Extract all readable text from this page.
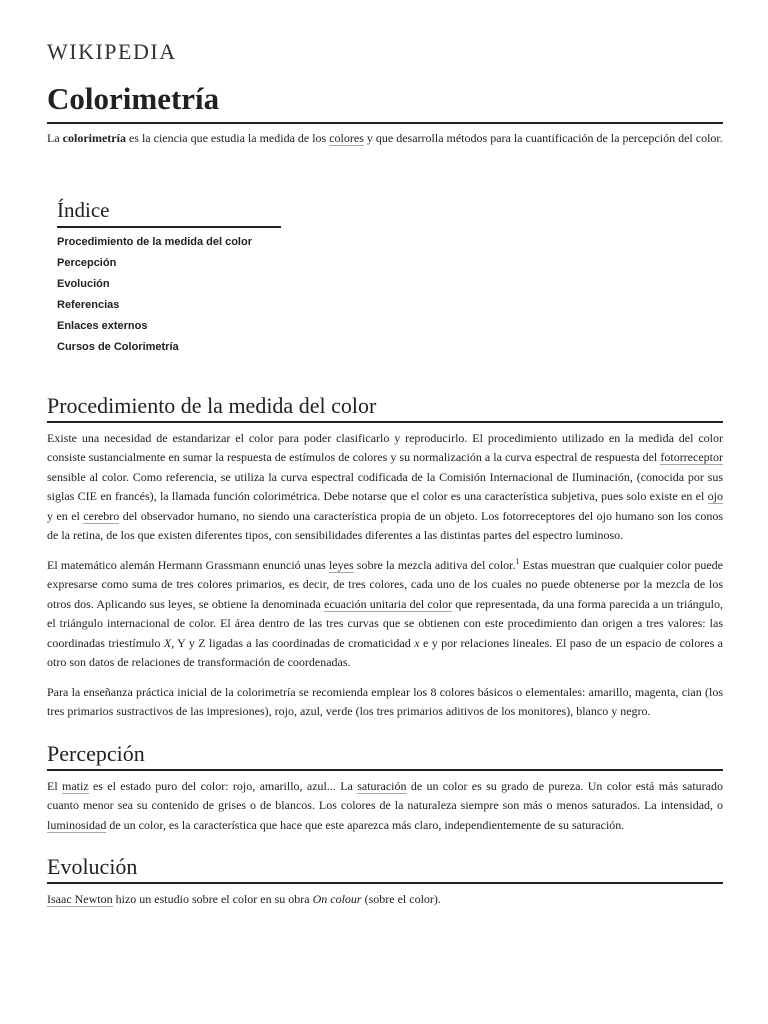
WIKIPEDIA
Colorimetría

La colorimetría es la ciencia que estudia la medida de los colores y que desarrolla métodos para la cuantificación de la percepción del color.

Índice
Procedimiento de la medida del color
Percepción
Evolución
Referencias
Enlaces externos
Cursos de Colorimetría
Procedimiento de la medida del color

Existe una necesidad de estandarizar el color para poder clasificarlo y reproducirlo. El procedimiento utilizado en la medida del color consiste sustancialmente en sumar la respuesta de estímulos de colores y su normalización a la curva espectral de respuesta del fotorreceptor sensible al color. Como referencia, se utiliza la curva espectral codificada de la Comisión Internacional de Iluminación, (conocida por sus siglas CIE en francés), la llamada función colorimétrica. Debe notarse que el color es una característica subjetiva, pues solo existe en el ojo y en el cerebro del observador humano, no siendo una característica propia de un objeto. Los fotorreceptores del ojo humano son los conos de la retina, de los que existen diferentes tipos, con sensibilidades diferentes a las distintas partes del espectro luminoso.

El matemático alemán Hermann Grassmann enunció unas leyes sobre la mezcla aditiva del color.$^1$ Estas muestran que cualquier color puede expresarse como suma de tres colores primarios, es decir, de tres colores, cada uno de los cuales no puede obtenerse por la mezcla de los otros dos. Aplicando sus leyes, se obtiene la denominada ecuación unitaria del color que representada, da una forma parecida a un triángulo, el triángulo internacional de color. El área dentro de las tres curvas que se obtienen con este procedimiento dan origen a tres valores: las coordinadas triestímulo X, Y y Z ligadas a las coordinadas de cromaticidad x e y por relaciones lineales. El paso de un espacio de colores a otro son datos de relaciones de transformación de coordenadas.

Para la enseñanza práctica inicial de la colorimetría se recomienda emplear los 8 colores básicos o elementales: amarillo, magenta, cian (los tres primarios sustractivos de las impresiones), rojo, azul, verde (los tres primarios aditivos de los monitores), blanco y negro.

Percepción

El matiz es el estado puro del color: rojo, amarillo, azul... La saturación de un color es su grado de pureza. Un color está más saturado cuanto menor sea su contenido de grises o de blancos. Los colores de la naturaleza siempre son más o menos saturados. La intensidad, o luminosidad de un color, es la característica que hace que este aparezca más claro, independientemente de su saturación.

Evolución

Isaac Newton hizo un estudio sobre el color en su obra On colour (sobre el color).
